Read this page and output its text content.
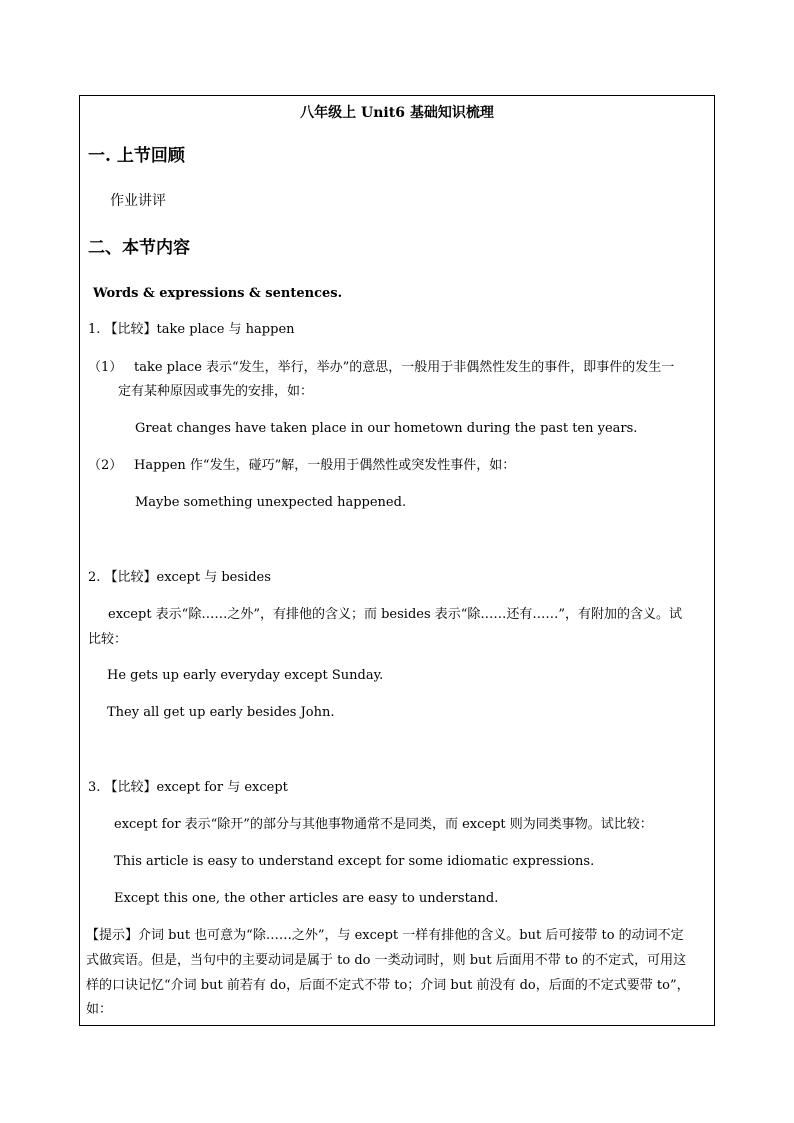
八年级上 Unit6 基础知识梳理
一. 上节回顾
作业讲评
二、本节内容
Words & expressions & sentences.
1. 【比较】take place 与 happen
（1） take place 表示“发生，举行，举办”的意思，一般用于非偶然性发生的事件，即事件的发生一
定有某种原因或事先的安排，如：
Great changes have taken place in our hometown during the past ten years.
（2） Happen 作“发生，碰巧”解，一般用于偶然性或突发性事件，如：
Maybe something unexpected happened.
2. 【比较】except 与 besides
except 表示“除……之外”，有排他的含义；而 besides 表示“除……还有……”，有附加的含义。试
比较：
He gets up early everyday except Sunday.
They all get up early besides John.
3. 【比较】except for 与 except
except for 表示“除开”的部分与其他事物通常不是同类，而 except 则为同类事物。试比较：
This article is easy to understand except for some idiomatic expressions.
Except this one, the other articles are easy to understand.
【提示】介词 but 也可意为“除……之外”，与 except 一样有排他的含义。but 后可接带 to 的动词不定
式做宾语。但是，当句中的主要动词是属于 to do 一类动词时，则 but 后面用不带 to 的不定式，可用这
样的口诀记忆“介词 but 前若有 do，后面不定式不带 to；介词 but 前没有 do，后面的不定式要带 to”，
如：
